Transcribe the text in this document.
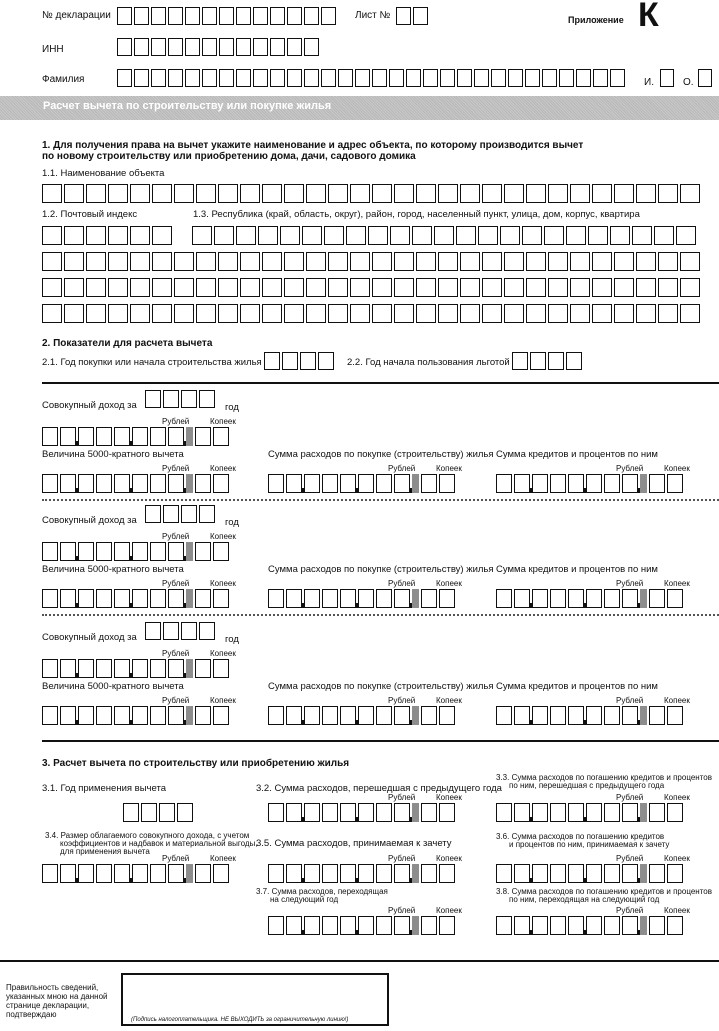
№ декларации	Лист №	Приложение К
ИНН
Фамилия	И.	О.
Расчет вычета по строительству или покупке жилья
1. Для получения права на вычет укажите наименование и адрес объекта, по которому производится вычет
по новому строительству или приобретению дома, дачи, садового домика
1.1. Наименование объекта
1.2. Почтовый индекс	1.3. Республика (край, область, округ), район, город, населенный пункт, улица, дом, корпус, квартира
2. Показатели для расчета вычета
2.1. Год покупки или начала строительства жилья	2.2. Год начала пользования льготой
3. Расчет вычета по строительству или приобретению жилья
3.1. Год применения вычета	3.2. Сумма расходов, перешедшая с предыдущего года
3.3. Сумма расходов по погашению кредитов и процентов
по ним, перешедшая с предыдущего года
3.4. Размер облагаемого совокупного дохода, с учетом
коэффициентов и надбавок и материальной выгоды,
для применения вычета
3.5. Сумма расходов, принимаемая к зачету
3.6. Сумма расходов по погашению кредитов
и процентов по ним, принимаемая к зачету
3.7. Сумма расходов, переходящая
на следующий год
3.8. Сумма расходов по погашению кредитов и процентов
по ним, переходящая на следующий год
Правильность сведений,
указанных мною на данной
странице декларации,
подтверждаю
(Подпись налогоплательщика. НЕ ВЫХОДИТЬ за ограничительную линию!)
Совокупный доход за	год
Рублей	Копеек
Величина 5000-кратного вычета
Рублей	Копеек
Сумма расходов по покупке (строительству) жилья
Рублей	Копеек
Сумма кредитов и процентов по ним
Рублей	Копеек
Совокупный доход за	год
Рублей	Копеек
Величина 5000-кратного вычета
Рублей	Копеек
Сумма расходов по покупке (строительству) жилья
Рублей	Копеек
Сумма кредитов и процентов по ним
Рублей	Копеек
Совокупный доход за	год
Рублей	Копеек
Величина 5000-кратного вычета
Рублей	Копеек
Сумма расходов по покупке (строительству) жилья
Рублей	Копеек
Сумма кредитов и процентов по ним
Рублей	Копеек
Рублей	Копеек	Рублей	Копеек
Рублей	Копеек	Рублей	Копеек	Рублей	Копеек
Рублей	Копеек	Рублей	Копеек
